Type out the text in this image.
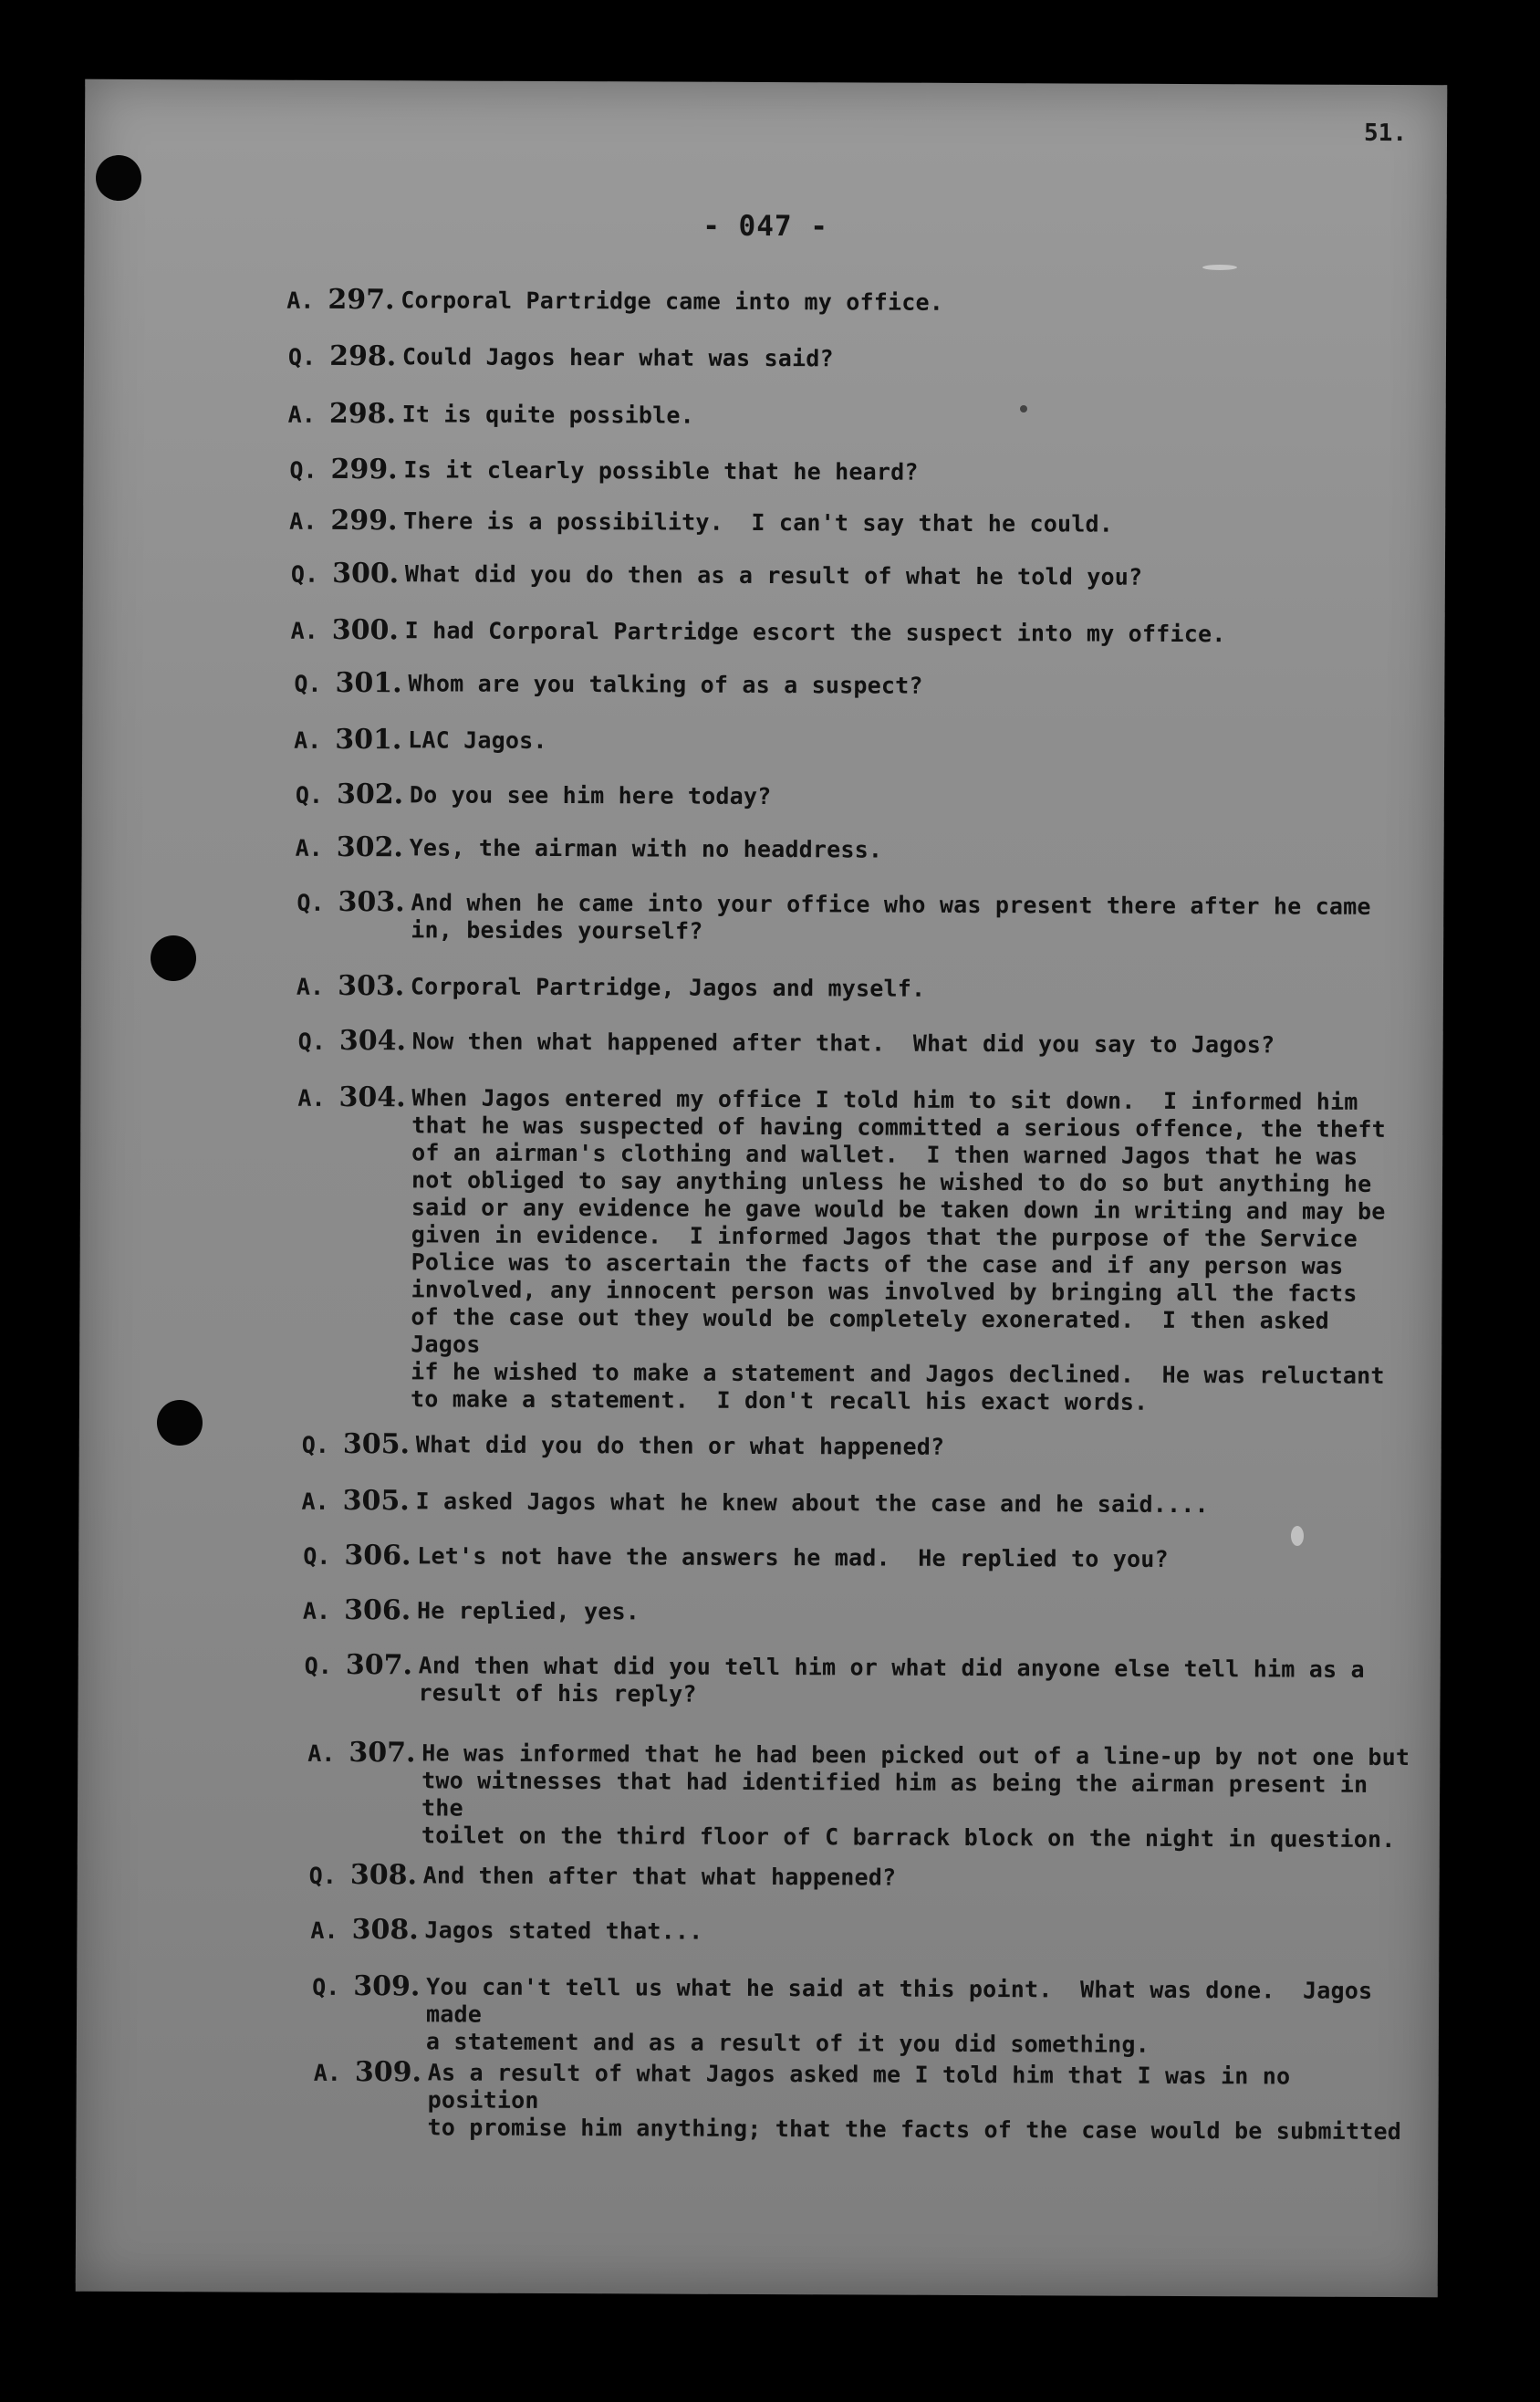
51.
- 047 -
A. 297. Corporal Partridge came into my office.
Q. 298. Could Jagos hear what was said?
A. 298. It is quite possible.
Q. 299. Is it clearly possible that he heard?
A. 299. There is a possibility.  I can't say that he could.
Q. 300. What did you do then as a result of what he told you?
A. 300. I had Corporal Partridge escort the suspect into my office.
Q. 301. Whom are you talking of as a suspect?
A. 301. LAC Jagos.
Q. 302. Do you see him here today?
A. 302. Yes, the airman with no headdress.
Q. 303. And when he came into your office who was present there after he came
in, besides yourself?
A. 303. Corporal Partridge, Jagos and myself.
Q. 304. Now then what happened after that.  What did you say to Jagos?
A. 304. When Jagos entered my office I told him to sit down.  I informed him
that he was suspected of having committed a serious offence, the theft
of an airman's clothing and wallet.  I then warned Jagos that he was
not obliged to say anything unless he wished to do so but anything he
said or any evidence he gave would be taken down in writing and may be
given in evidence.  I informed Jagos that the purpose of the Service
Police was to ascertain the facts of the case and if any person was
involved, any innocent person was involved by bringing all the facts
of the case out they would be completely exonerated.  I then asked Jagos
if he wished to make a statement and Jagos declined.  He was reluctant
to make a statement.  I don't recall his exact words.
Q. 305. What did you do then or what happened?
A. 305. I asked Jagos what he knew about the case and he said....
Q. 306. Let's not have the answers he mad.  He replied to you?
A. 306. He replied, yes.
Q. 307. And then what did you tell him or what did anyone else tell him as a
result of his reply?
A. 307. He was informed that he had been picked out of a line-up by not one but
two witnesses that had identified him as being the airman present in the
toilet on the third floor of C barrack block on the night in question.
Q. 308. And then after that what happened?
A. 308. Jagos stated that...
Q. 309. You can't tell us what he said at this point.  What was done.  Jagos made
a statement and as a result of it you did something.
A. 309. As a result of what Jagos asked me I told him that I was in no position
to promise him anything; that the facts of the case would be submitted
